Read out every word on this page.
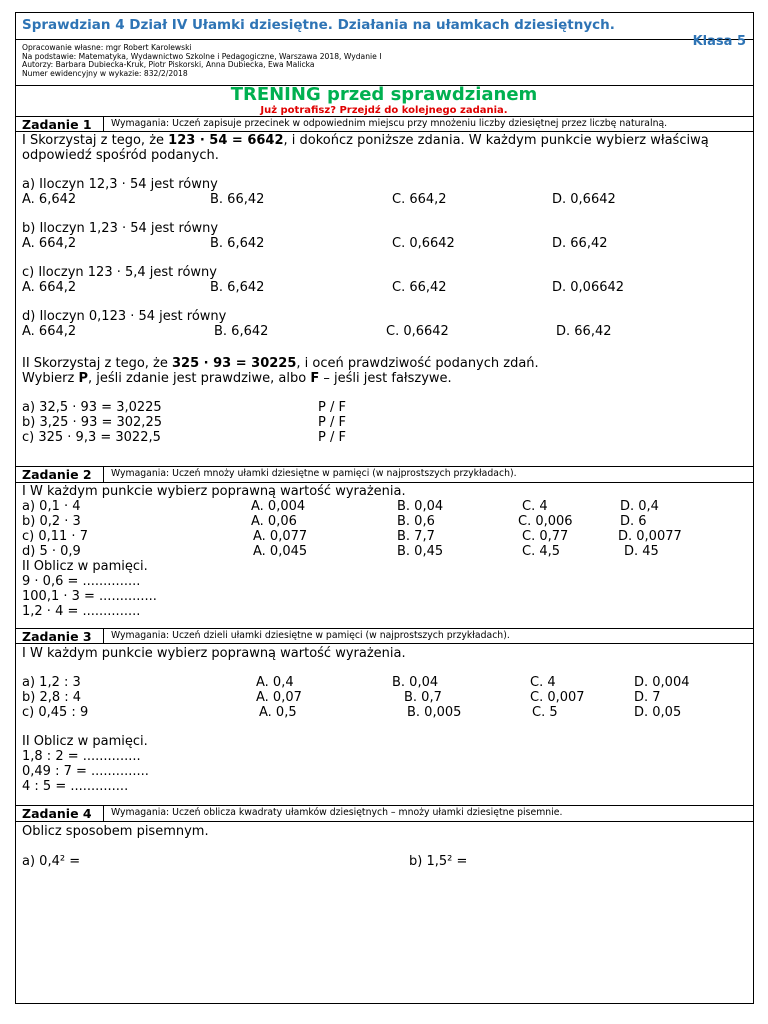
Sprawdzian 4 Dział IV Ułamki dziesiętne. Działania na ułamkach dziesiętnych.
Klasa 5
Opracowanie własne: mgr Robert Karolewski
Na podstawie: Matematyka, Wydawnictwo Szkolne i Pedagogiczne, Warszawa 2018, Wydanie I
Autorzy: Barbara Dubiecka-Kruk, Piotr Piskorski, Anna Dubiecka, Ewa Malicka
Numer ewidencyjny w wykazie: 832/2/2018
TRENING przed sprawdzianem
Już potrafisz? Przejdź do kolejnego zadania.
Zadanie 1 Wymagania: Uczeń zapisuje przecinek w odpowiednim miejscu przy mnożeniu liczby dziesiętnej przez liczbę naturalną.
I Skorzystaj z tego, że 123 · 54 = 6642, i dokończ poniższe zdania. W każdym punkcie wybierz właściwą
odpowiedź spośród podanych.
a) Iloczyn 12,3 · 54 jest równy
A. 6,642	B. 66,42	C. 664,2	D. 0,6642
b) Iloczyn 1,23 · 54 jest równy
A. 664,2	B. 6,642	C. 0,6642	D. 66,42
c) Iloczyn 123 · 5,4 jest równy
A. 664,2	B. 6,642	C. 66,42	D. 0,06642
d) Iloczyn 0,123 · 54 jest równy
A. 664,2	B. 6,642	C. 0,6642	D. 66,42
II Skorzystaj z tego, że 325 · 93 = 30225, i oceń prawdziwość podanych zdań.
Wybierz P, jeśli zdanie jest prawdziwe, albo F – jeśli jest fałszywe.
a) 32,5 · 93 = 3,0225	P / F
b) 3,25 · 93 = 302,25	P / F
c) 325 · 9,3 = 3022,5	P / F
Zadanie 2 Wymagania: Uczeń mnoży ułamki dziesiętne w pamięci (w najprostszych przykładach).
I W każdym punkcie wybierz poprawną wartość wyrażenia.
a) 0,1 · 4	A. 0,004	B. 0,04	C. 4	D. 0,4
b) 0,2 · 3	A. 0,06	B. 0,6	C. 0,006	D. 6
c) 0,11 · 7	A. 0,077	B. 7,7	C. 0,77	D. 0,0077
d) 5 · 0,9	A. 0,045	B. 0,45	C. 4,5	D. 45
II Oblicz w pamięci.
9 · 0,6 = ..............
100,1 · 3 = ..............
1,2 · 4 = ..............
Zadanie 3 Wymagania: Uczeń dzieli ułamki dziesiętne w pamięci (w najprostszych przykładach).
I W każdym punkcie wybierz poprawną wartość wyrażenia.
a) 1,2 : 3	A. 0,4	B. 0,04	C. 4	D. 0,004
b) 2,8 : 4	A. 0,07	B. 0,7	C. 0,007	D. 7
c) 0,45 : 9	A. 0,5	B. 0,005	C. 5	D. 0,05
II Oblicz w pamięci.
1,8 : 2 = ..............
0,49 : 7 = ..............
4 : 5 = ..............
Zadanie 4 Wymagania: Uczeń oblicza kwadraty ułamków dziesiętnych – mnoży ułamki dziesiętne pisemnie.
Oblicz sposobem pisemnym.
a) 0,4² =	b) 1,5² =
